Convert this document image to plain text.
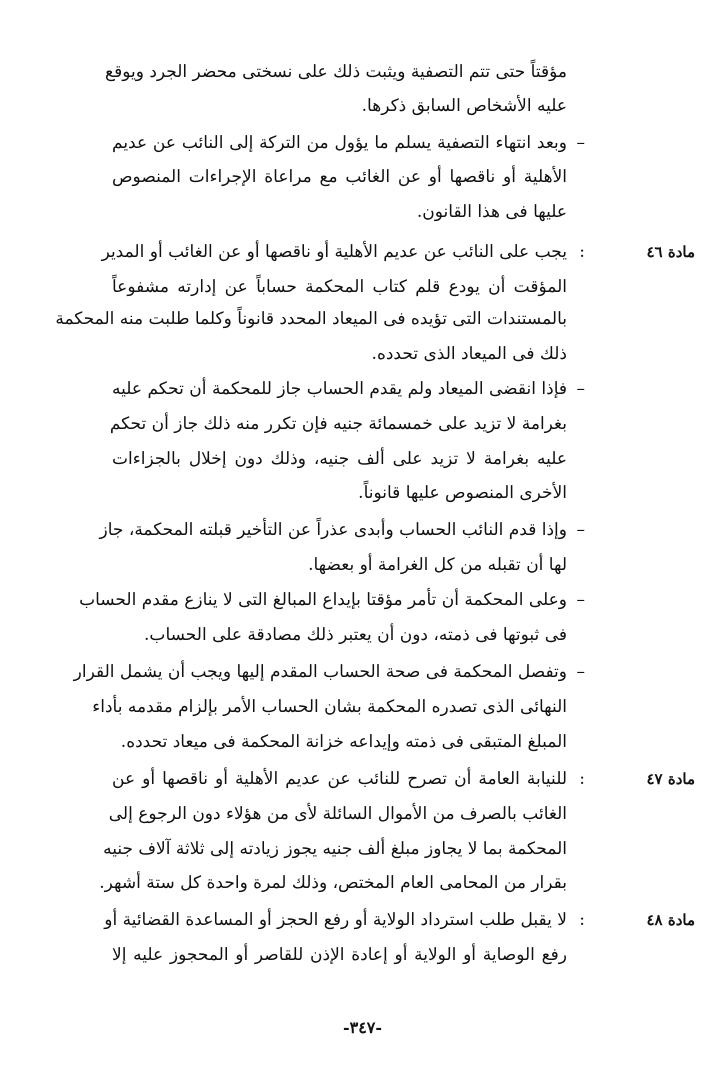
مؤقتاً حتى تتم التصفية ويثبت ذلك على نسختى محضر الجرد ويوقع
عليه الأشخاص السابق ذكرها.
–
وبعد انتهاء التصفية يسلم ما يؤول من التركة إلى النائب عن عديم
الأهلية أو ناقصها أو عن الغائب مع مراعاة الإجراءات المنصوص
عليها فى هذا القانون.
مادة ٤٦
:
يجب على النائب عن عديم الأهلية أو ناقصها أو عن الغائب أو المدير
المؤقت أن يودع قلم كتاب المحكمة حساباً عن إدارته مشفوعاً
بالمستندات التى تؤيده فى الميعاد المحدد قانوناً وكلما طلبت منه المحكمة
ذلك فى الميعاد الذى تحدده.
–
فإذا انقضى الميعاد ولم يقدم الحساب جاز للمحكمة أن تحكم عليه
بغرامة لا تزيد على خمسمائة جنيه فإن تكرر منه ذلك جاز أن تحكم
عليه بغرامة لا تزيد على ألف جنيه، وذلك دون إخلال بالجزاءات
الأخرى المنصوص عليها قانوناً.
–
وإذا قدم النائب الحساب وأبدى عذراً عن التأخير قبلته المحكمة، جاز
لها أن تقبله من كل الغرامة أو بعضها.
–
وعلى المحكمة أن تأمر مؤقتا بإيداع المبالغ التى لا ينازع مقدم الحساب
فى ثبوتها فى ذمته، دون أن يعتبر ذلك مصادقة على الحساب.
–
وتفصل المحكمة فى صحة الحساب المقدم إليها ويجب أن يشمل القرار
النهائى الذى تصدره المحكمة بشان الحساب الأمر بإلزام مقدمه بأداء
المبلغ المتبقى فى ذمته وإيداعه خزانة المحكمة فى ميعاد تحدده.
مادة ٤٧
:
للنيابة العامة أن تصرح للنائب عن عديم الأهلية أو ناقصها أو عن
الغائب بالصرف من الأموال السائلة لأى من هؤلاء دون الرجوع إلى
المحكمة بما لا يجاوز مبلغ ألف جنيه يجوز زيادته إلى ثلاثة آلاف جنيه
بقرار من المحامى العام المختص، وذلك لمرة واحدة كل ستة أشهر.
مادة ٤٨
:
لا يقبل طلب استرداد الولاية أو رفع الحجز أو المساعدة القضائية أو
رفع الوصاية أو الولاية أو إعادة الإذن للقاصر أو المحجوز عليه إلا
-٣٤٧-
